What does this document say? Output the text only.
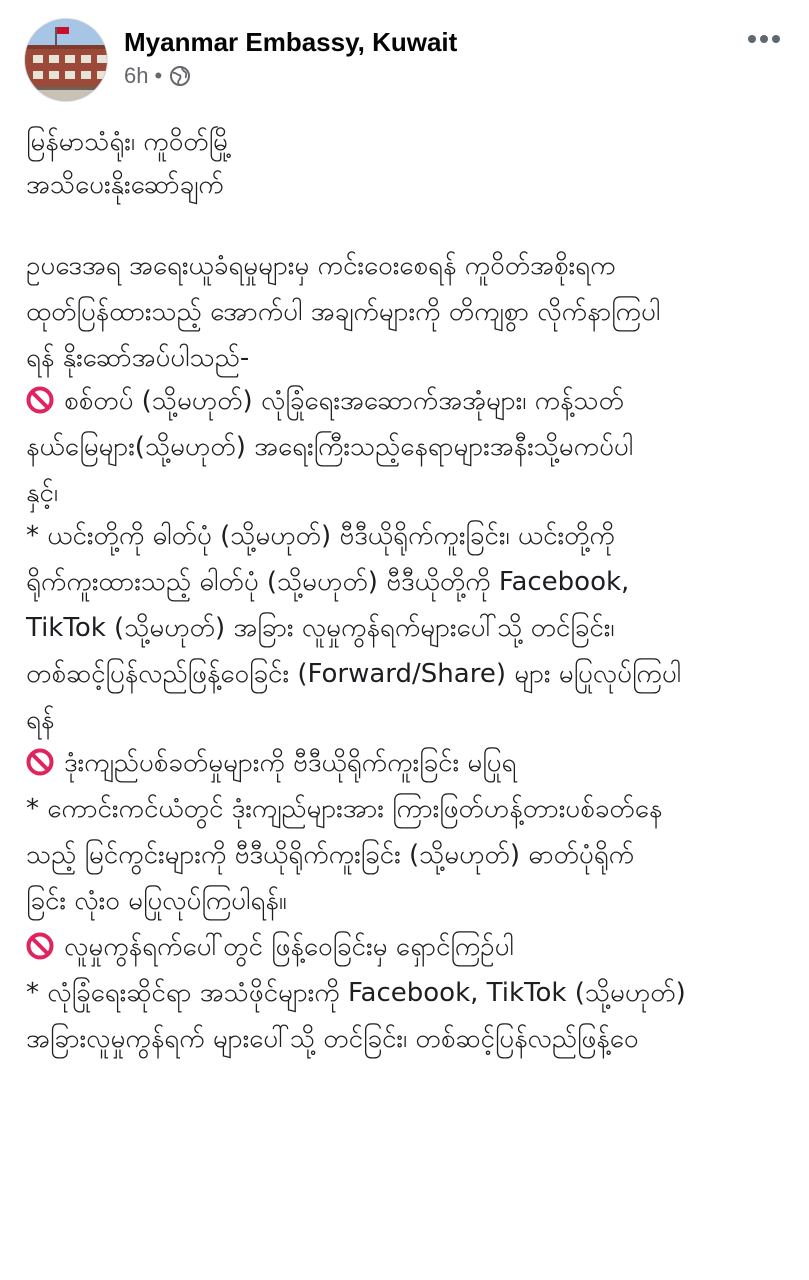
Myanmar Embassy, Kuwait
6h •
မြန်မာသံရုံး၊ ကူဝိတ်မြို့
အသိပေးနိုးဆော်ချက်
ဥပဒေအရ အရေးယူခံရမှုများမှ ကင်းဝေးစေရန် ကူဝိတ်အစိုးရက
ထုတ်ပြန်ထားသည့် အောက်ပါ အချက်များကို တိကျစွာ လိုက်နာကြပါ
ရန် နိုးဆော်အပ်ပါသည်-
စစ်တပ် (သို့မဟုတ်) လုံခြုံရေးအဆောက်အအုံများ၊ ကန့်သတ်
နယ်မြေများ(သို့မဟုတ်) အရေးကြီးသည့်နေရာများအနီးသို့မကပ်ပါ
နှင့်၊
* ယင်းတို့ကို ဓါတ်ပုံ (သို့မဟုတ်) ဗီဒီယိုရိုက်ကူးခြင်း၊ ယင်းတို့ကို
ရိုက်ကူးထားသည့် ဓါတ်ပုံ (သို့မဟုတ်) ဗီဒီယိုတို့ကို Facebook,
TikTok (သို့မဟုတ်) အခြား လူမှုကွန်ရက်များပေါ်သို့ တင်ခြင်း၊
တစ်ဆင့်ပြန်လည်ဖြန့်ဝေခြင်း (Forward/Share) များ မပြုလုပ်ကြပါ
ရန်
ဒုံးကျည်ပစ်ခတ်မှုများကို ဗီဒီယိုရိုက်ကူးခြင်း မပြုရ
* ကောင်းကင်ယံတွင် ဒုံးကျည်များအား ကြားဖြတ်ဟန့်တားပစ်ခတ်နေ
သည့် မြင်ကွင်းများကို ဗီဒီယိုရိုက်ကူးခြင်း (သို့မဟုတ်) ဓာတ်ပုံရိုက်
ခြင်း လုံးဝ မပြုလုပ်ကြပါရန်။
လူမှုကွန်ရက်ပေါ်တွင် ဖြန့်ဝေခြင်းမှ ရှောင်ကြဉ်ပါ
* လုံခြုံရေးဆိုင်ရာ အသံဖိုင်များကို Facebook, TikTok (သို့မဟုတ်)
အခြားလူမှုကွန်ရက် များပေါ်သို့ တင်ခြင်း၊ တစ်ဆင့်ပြန်လည်ဖြန့်ဝေ
